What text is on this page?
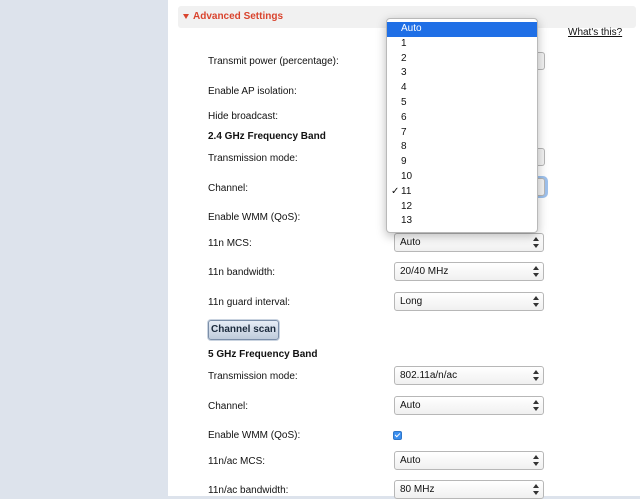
Advanced Settings
What's this?
Transmit power (percentage):
Enable AP isolation:
Hide broadcast:
2.4 GHz Frequency Band
Transmission mode:
Channel:
Enable WMM (QoS):
11n MCS:	Auto
11n bandwidth:	20/40 MHz
11n guard interval:	Long
Channel scan
5 GHz Frequency Band
Transmission mode:	802.11a/n/ac
Channel:	Auto
Enable WMM (QoS):
11n/ac MCS:	Auto
11n/ac bandwidth:	80 MHz
Auto
1
2
3
4
5
6
7
8
9
10
✓ 11
12
13
